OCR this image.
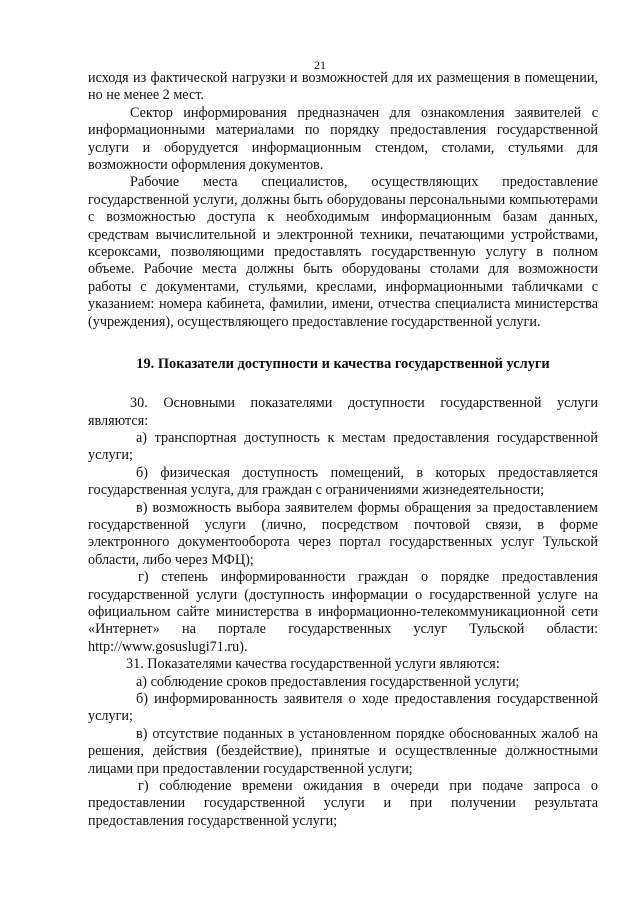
21

исходя из фактической нагрузки и возможностей для их размещения в помещении, но не менее 2 мест.

Сектор информирования предназначен для ознакомления заявителей с информационными материалами по порядку предоставления государственной услуги и оборудуется информационным стендом, столами, стульями для возможности оформления документов.

Рабочие места специалистов, осуществляющих предоставление государственной услуги, должны быть оборудованы персональными компьютерами с возможностью доступа к необходимым информационным базам данных, средствам вычислительной и электронной техники, печатающими устройствами, ксероксами, позволяющими предоставлять государственную услугу в полном объеме. Рабочие места должны быть оборудованы столами для возможности работы с документами, стульями, креслами, информационными табличками с указанием: номера кабинета, фамилии, имени, отчества специалиста министерства (учреждения), осуществляющего предоставление государственной услуги.

19. Показатели доступности и качества государственной услуги

30. Основными показателями доступности государственной услуги являются:

а) транспортная доступность к местам предоставления государственной услуги;

б) физическая доступность помещений, в которых предоставляется государственная услуга, для граждан с ограничениями жизнедеятельности;

в) возможность выбора заявителем формы обращения за предоставлением государственной услуги (лично, посредством почтовой связи, в форме электронного документооборота через портал государственных услуг Тульской области, либо через МФЦ);

г) степень информированности граждан о порядке предоставления государственной услуги (доступность информации о государственной услуге на официальном сайте министерства в информационно-телекоммуникационной сети «Интернет» на портале государственных услуг Тульской области: http://www.gosuslugi71.ru).

31. Показателями качества государственной услуги являются:

а) соблюдение сроков предоставления государственной услуги;

б) информированность заявителя о ходе предоставления государственной услуги;

в) отсутствие поданных в установленном порядке обоснованных жалоб на решения, действия (бездействие), принятые и осуществленные должностными лицами при предоставлении государственной услуги;

г) соблюдение времени ожидания в очереди при подаче запроса о предоставлении государственной услуги и при получении результата предоставления государственной услуги;
